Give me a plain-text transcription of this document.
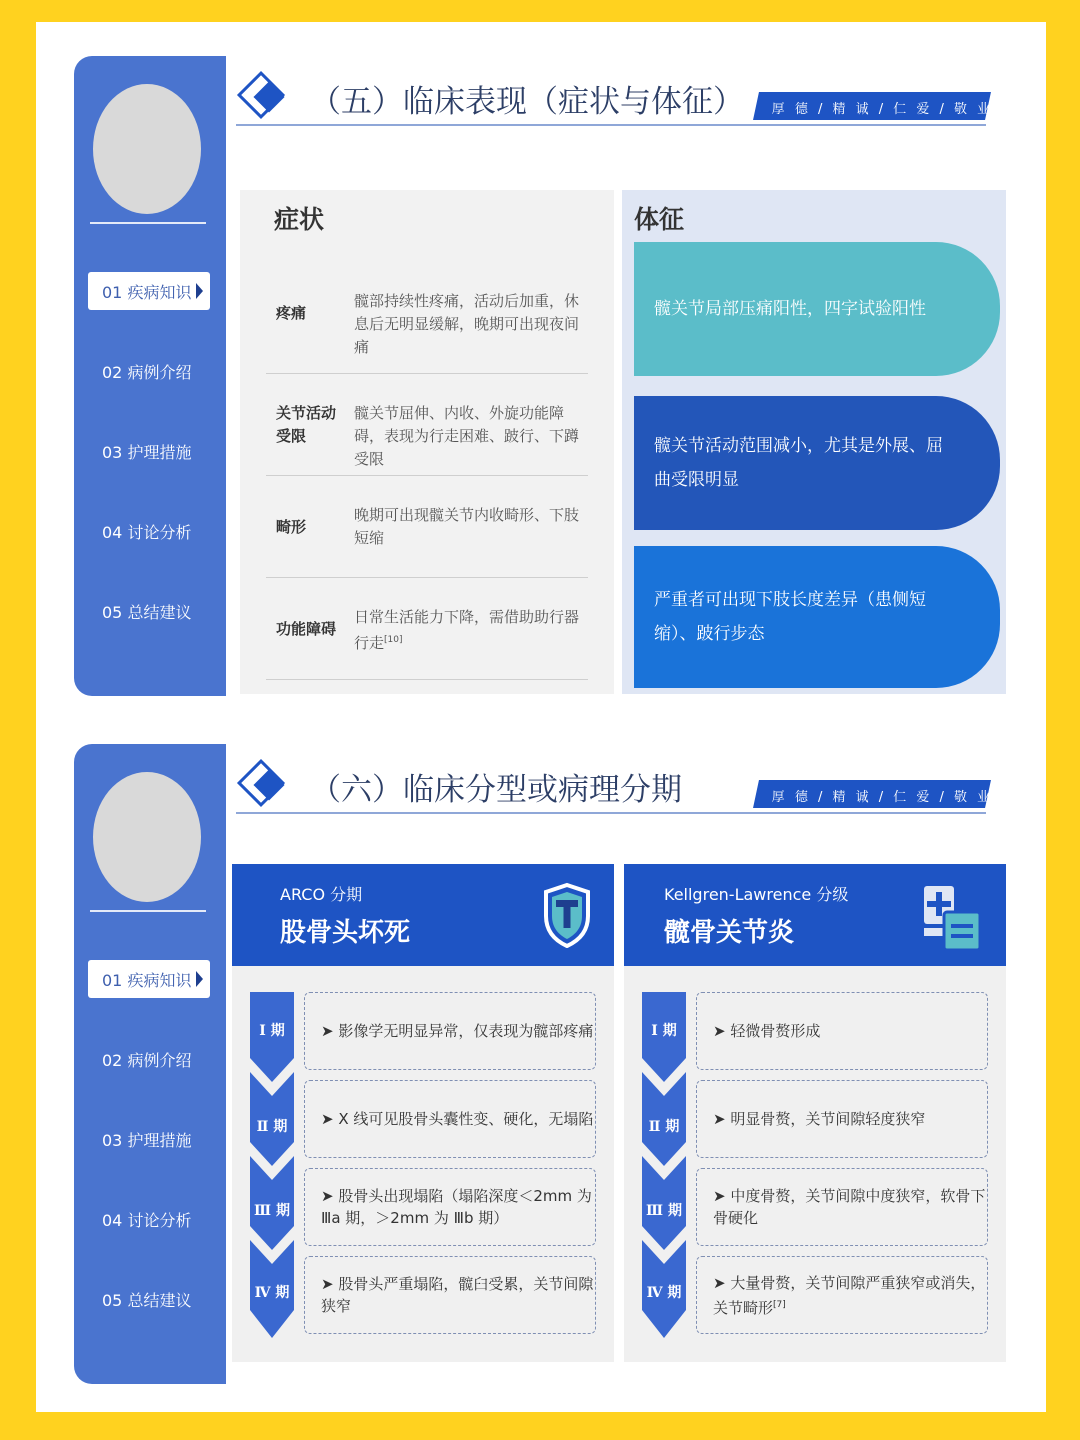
01 疾病知识
02 病例介绍
03 护理措施
04 讨论分析
05 总结建议
（五）临床表现（症状与体征）	厚 德 / 精 诚 / 仁 爱 / 敬 业
症状
疼痛
髋部持续性疼痛，活动后加重，休息后无明显缓解，晚期可出现夜间痛
关节活动受限
髋关节屈伸、内收、外旋功能障碍，表现为行走困难、跛行、下蹲受限
畸形
晚期可出现髋关节内收畸形、下肢短缩
功能障碍
日常生活能力下降，需借助助行器行走[10]
体征
髋关节局部压痛阳性，四字试验阳性
髋关节活动范围减小，尤其是外展、屈曲受限明显
严重者可出现下肢长度差异（患侧短缩）、跛行步态
01 疾病知识
02 病例介绍
03 护理措施
04 讨论分析
05 总结建议
（六）临床分型或病理分期	厚 德 / 精 诚 / 仁 爱 / 敬 业
ARCO 分期
股骨头坏死
Ⅰ 期
Ⅱ 期
Ⅲ 期
Ⅳ 期
➤ 影像学无明显异常，仅表现为髋部疼痛
➤ X 线可见股骨头囊性变、硬化，无塌陷
➤ 股骨头出现塌陷（塌陷深度＜2mm 为 Ⅲa 期，＞2mm 为 Ⅲb 期）
➤ 股骨头严重塌陷，髋臼受累，关节间隙狭窄
Kellgren-Lawrence 分级
髋骨关节炎
Ⅰ 期
Ⅱ 期
Ⅲ 期
Ⅳ 期
➤ 轻微骨赘形成
➤ 明显骨赘，关节间隙轻度狭窄
➤ 中度骨赘，关节间隙中度狭窄，软骨下骨硬化
➤ 大量骨赘，关节间隙严重狭窄或消失，关节畸形[7]
